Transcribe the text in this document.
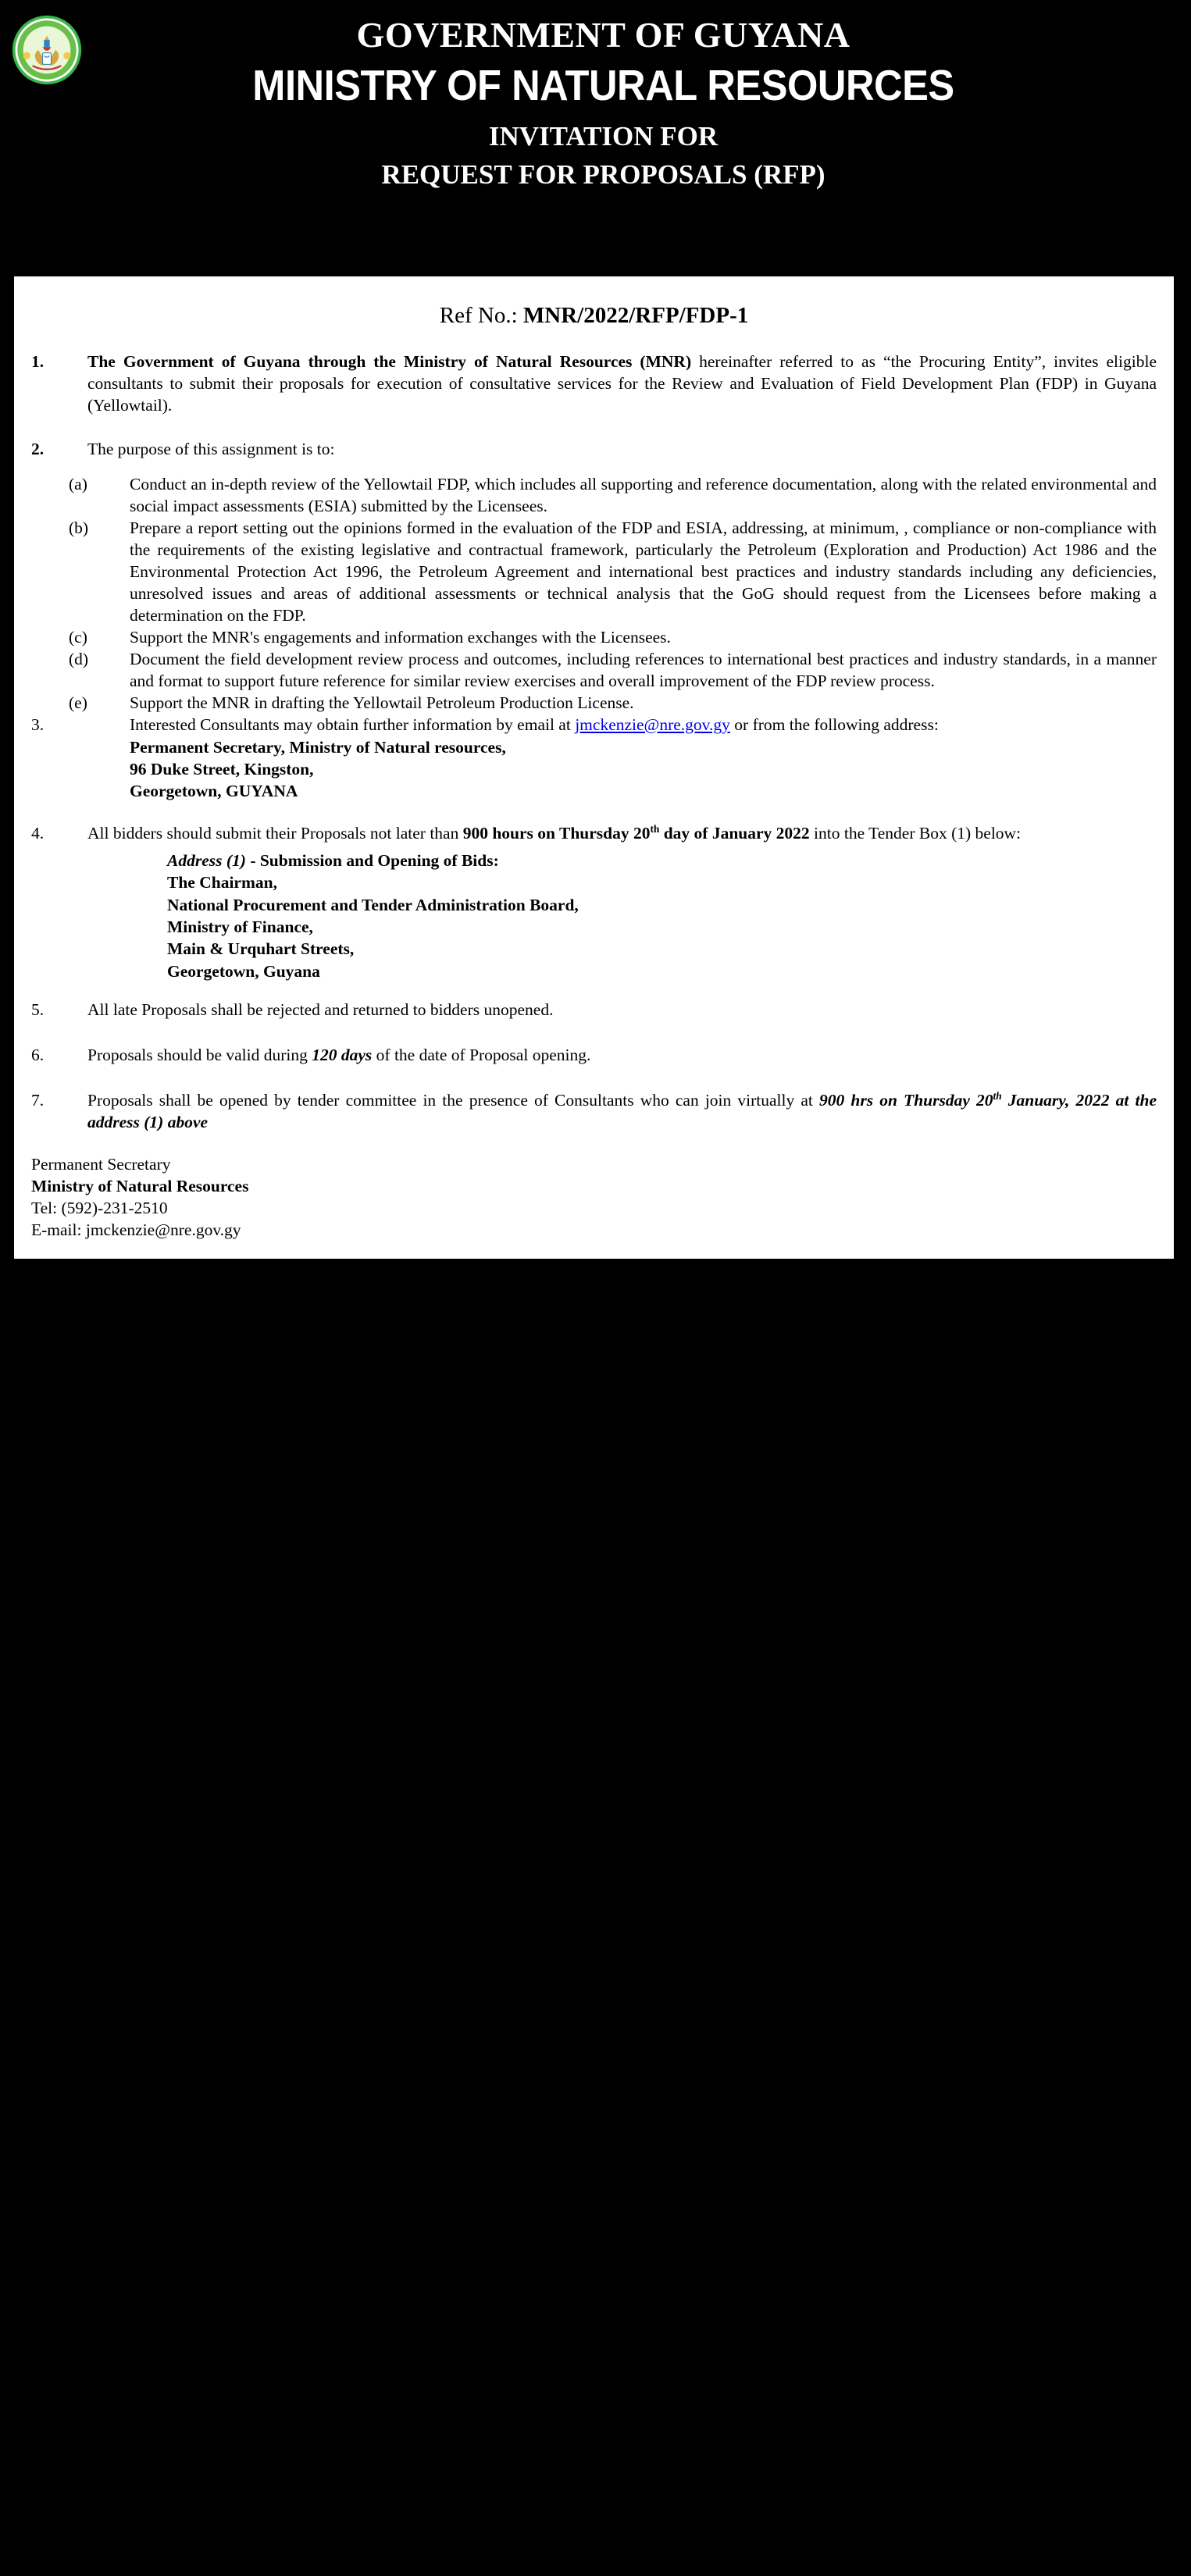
GOVERNMENT OF GUYANA
MINISTRY OF NATURAL RESOURCES
INVITATION FOR
REQUEST FOR PROPOSALS (RFP)
Ref No.: MNR/2022/RFP/FDP-1
1.	The Government of Guyana through the Ministry of Natural Resources (MNR) hereinafter referred to as “the Procuring Entity”, invites eligible consultants to submit their proposals for execution of consultative services for the Review and Evaluation of Field Development Plan (FDP) in Guyana (Yellowtail).
2.	The purpose of this assignment is to:
(a)	Conduct an in-depth review of the Yellowtail FDP, which includes all supporting and reference documentation, along with the related environmental and social impact assessments (ESIA) submitted by the Licensees.
(b)	Prepare a report setting out the opinions formed in the evaluation of the FDP and ESIA, addressing, at minimum, , compliance or non-compliance with the requirements of the existing legislative and contractual framework, particularly the Petroleum (Exploration and Production) Act 1986 and the Environmental Protection Act 1996, the Petroleum Agreement and international best practices and industry standards including any deficiencies, unresolved issues and areas of additional assessments or technical analysis that the GoG should request from the Licensees before making a determination on the FDP.
(c)	Support the MNR's engagements and information exchanges with the Licensees.
(d)	Document the field development review process and outcomes, including references to international best practices and industry standards, in a manner and format to support future reference for similar review exercises and overall improvement of the FDP review process.
(e)	Support the MNR in drafting the Yellowtail Petroleum Production License.
3.	Interested Consultants may obtain further information by email at jmckenzie@nre.gov.gy or from the following address:
Permanent Secretary, Ministry of Natural resources,
96 Duke Street, Kingston,
Georgetown, GUYANA
4.	All bidders should submit their Proposals not later than 900 hours on Thursday 20th day of January 2022 into the Tender Box (1) below:
Address (1) - Submission and Opening of Bids:
The Chairman,
National Procurement and Tender Administration Board,
Ministry of Finance,
Main & Urquhart Streets,
Georgetown, Guyana
5.	All late Proposals shall be rejected and returned to bidders unopened.
6.	Proposals should be valid during 120 days of the date of Proposal opening.
7.	Proposals shall be opened by tender committee in the presence of Consultants who can join virtually at 900 hrs on Thursday 20th January, 2022 at the address (1) above
Permanent Secretary
Ministry of Natural Resources
Tel: (592)-231-2510
E-mail: jmckenzie@nre.gov.gy
